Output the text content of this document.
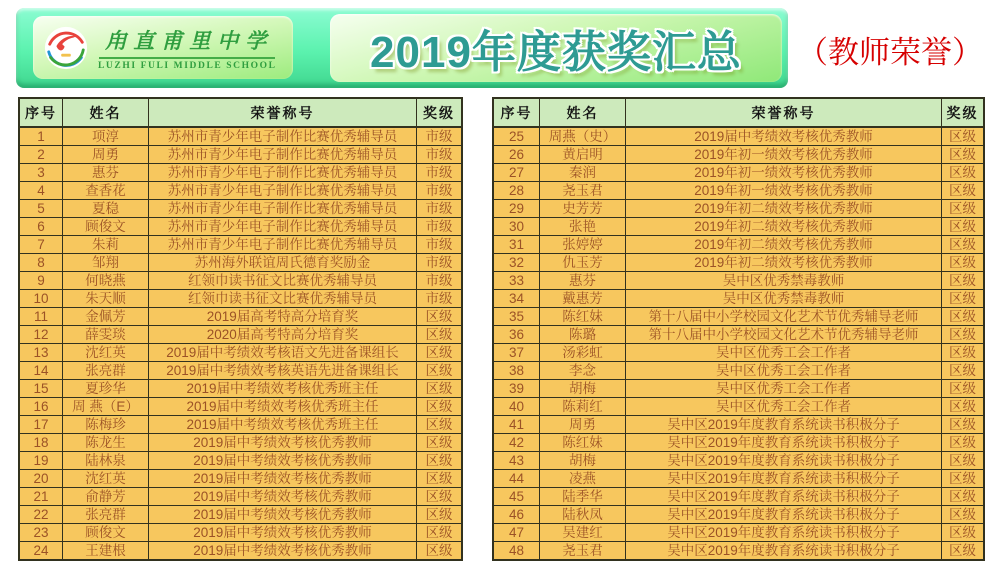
甪直甫里中学
LUZHI FULI MIDDLE SCHOOL 2019年度获奖汇总 （教师荣誉）
序号	姓名	荣誉称号	奖级
1	项淳	苏州市青少年电子制作比赛优秀辅导员	市级
2	周勇	苏州市青少年电子制作比赛优秀辅导员	市级
3	惠芬	苏州市青少年电子制作比赛优秀辅导员	市级
4	查香花	苏州市青少年电子制作比赛优秀辅导员	市级
5	夏稳	苏州市青少年电子制作比赛优秀辅导员	市级
6	顾俊文	苏州市青少年电子制作比赛优秀辅导员	市级
7	朱莉	苏州市青少年电子制作比赛优秀辅导员	市级
8	邹翔	苏州海外联谊周氏德育奖励金	市级
9	何晓燕	红领巾读书征文比赛优秀辅导员	市级
10	朱天顺	红领巾读书征文比赛优秀辅导员	市级
11	金佩芳	2019届高考特高分培育奖	区级
12	薛雯琰	2020届高考特高分培育奖	区级
13	沈红英	2019届中考绩效考核语文先进备课组长	区级
14	张亮群	2019届中考绩效考核英语先进备课组长	区级
15	夏珍华	2019届中考绩效考核优秀班主任	区级
16	周 燕（E）	2019届中考绩效考核优秀班主任	区级
17	陈梅珍	2019届中考绩效考核优秀班主任	区级
18	陈龙生	2019届中考绩效考核优秀教师	区级
19	陆林泉	2019届中考绩效考核优秀教师	区级
20	沈红英	2019届中考绩效考核优秀教师	区级
21	俞静芳	2019届中考绩效考核优秀教师	区级
22	张亮群	2019届中考绩效考核优秀教师	区级
23	顾俊文	2019届中考绩效考核优秀教师	区级
24	王建根	2019届中考绩效考核优秀教师	区级
序号	姓名	荣誉称号	奖级
25	周燕（史）	2019届中考绩效考核优秀教师	区级
26	黄启明	2019年初一绩效考核优秀教师	区级
27	秦润	2019年初一绩效考核优秀教师	区级
28	尧玉君	2019年初一绩效考核优秀教师	区级
29	史芳芳	2019年初二绩效考核优秀教师	区级
30	张艳	2019年初二绩效考核优秀教师	区级
31	张婷婷	2019年初二绩效考核优秀教师	区级
32	仇玉芳	2019年初二绩效考核优秀教师	区级
33	惠芬	吴中区优秀禁毒教师	区级
34	戴惠芳	吴中区优秀禁毒教师	区级
35	陈红妹	第十八届中小学校园文化艺术节优秀辅导老师	区级
36	陈璐	第十八届中小学校园文化艺术节优秀辅导老师	区级
37	汤彩虹	吴中区优秀工会工作者	区级
38	李念	吴中区优秀工会工作者	区级
39	胡梅	吴中区优秀工会工作者	区级
40	陈莉红	吴中区优秀工会工作者	区级
41	周勇	吴中区2019年度教育系统读书积极分子	区级
42	陈红妹	吴中区2019年度教育系统读书积极分子	区级
43	胡梅	吴中区2019年度教育系统读书积极分子	区级
44	凌燕	吴中区2019年度教育系统读书积极分子	区级
45	陆季华	吴中区2019年度教育系统读书积极分子	区级
46	陆秋凤	吴中区2019年度教育系统读书积极分子	区级
47	吴建红	吴中区2019年度教育系统读书积极分子	区级
48	尧玉君	吴中区2019年度教育系统读书积极分子	区级
